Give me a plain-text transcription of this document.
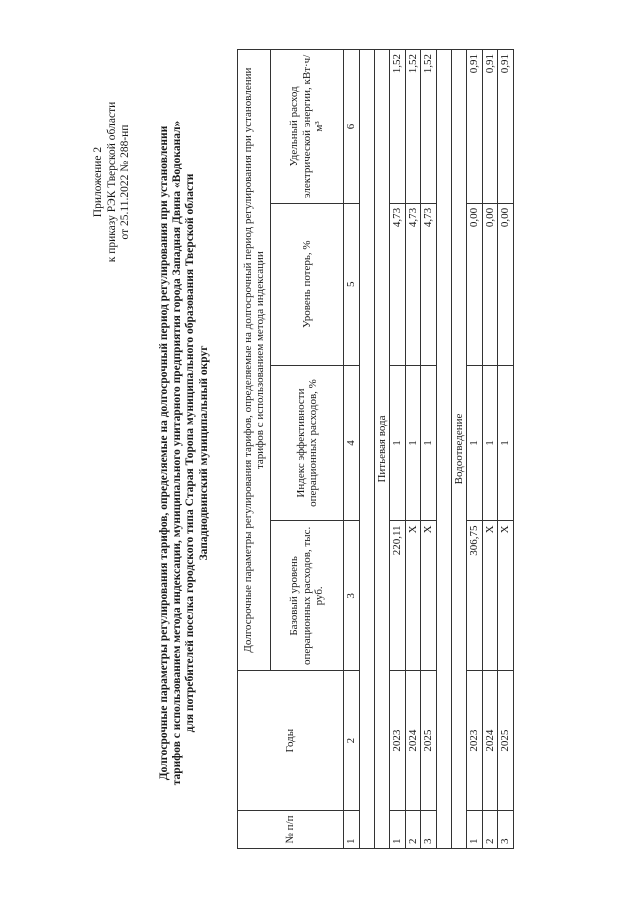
Приложение 2 к приказу РЭК Тверской области от 25.11.2022 № 288-нп Долгосрочные параметры регулирования тарифов, определяемые на долгосрочный период регулирования при установлении тарифов с использованием метода индексации, муниципального унитарного предприятия города Западная Двина «Водоканал» для потребителей поселка городского типа Старая Торопа муниципального образования Тверской области Западнодвинский муниципальный округ
№ п/п	Годы	Долгосрочные параметры регулирования тарифов, определяемые на долгосрочный период регулирования при установлении тарифов с использованием метода индексации			
		Базовый уровень операционных расходов, тыс. руб.	Индекс эффективности операционных расходов, %	Уровень потерь, %	Удельный расход электрической энергии, кВт·ч/м³
1	2	3	4	5	6

Питьевая вода					
1	2023	220,11	1	4,73	1,52
2	2024	Х	1	4,73	1,52
3	2025	Х	1	4,73	1,52

Водоотведение					
1	2023	306,75	1	0,00	0,91
2	2024	Х	1	0,00	0,91
3	2025	Х	1	0,00	0,91
